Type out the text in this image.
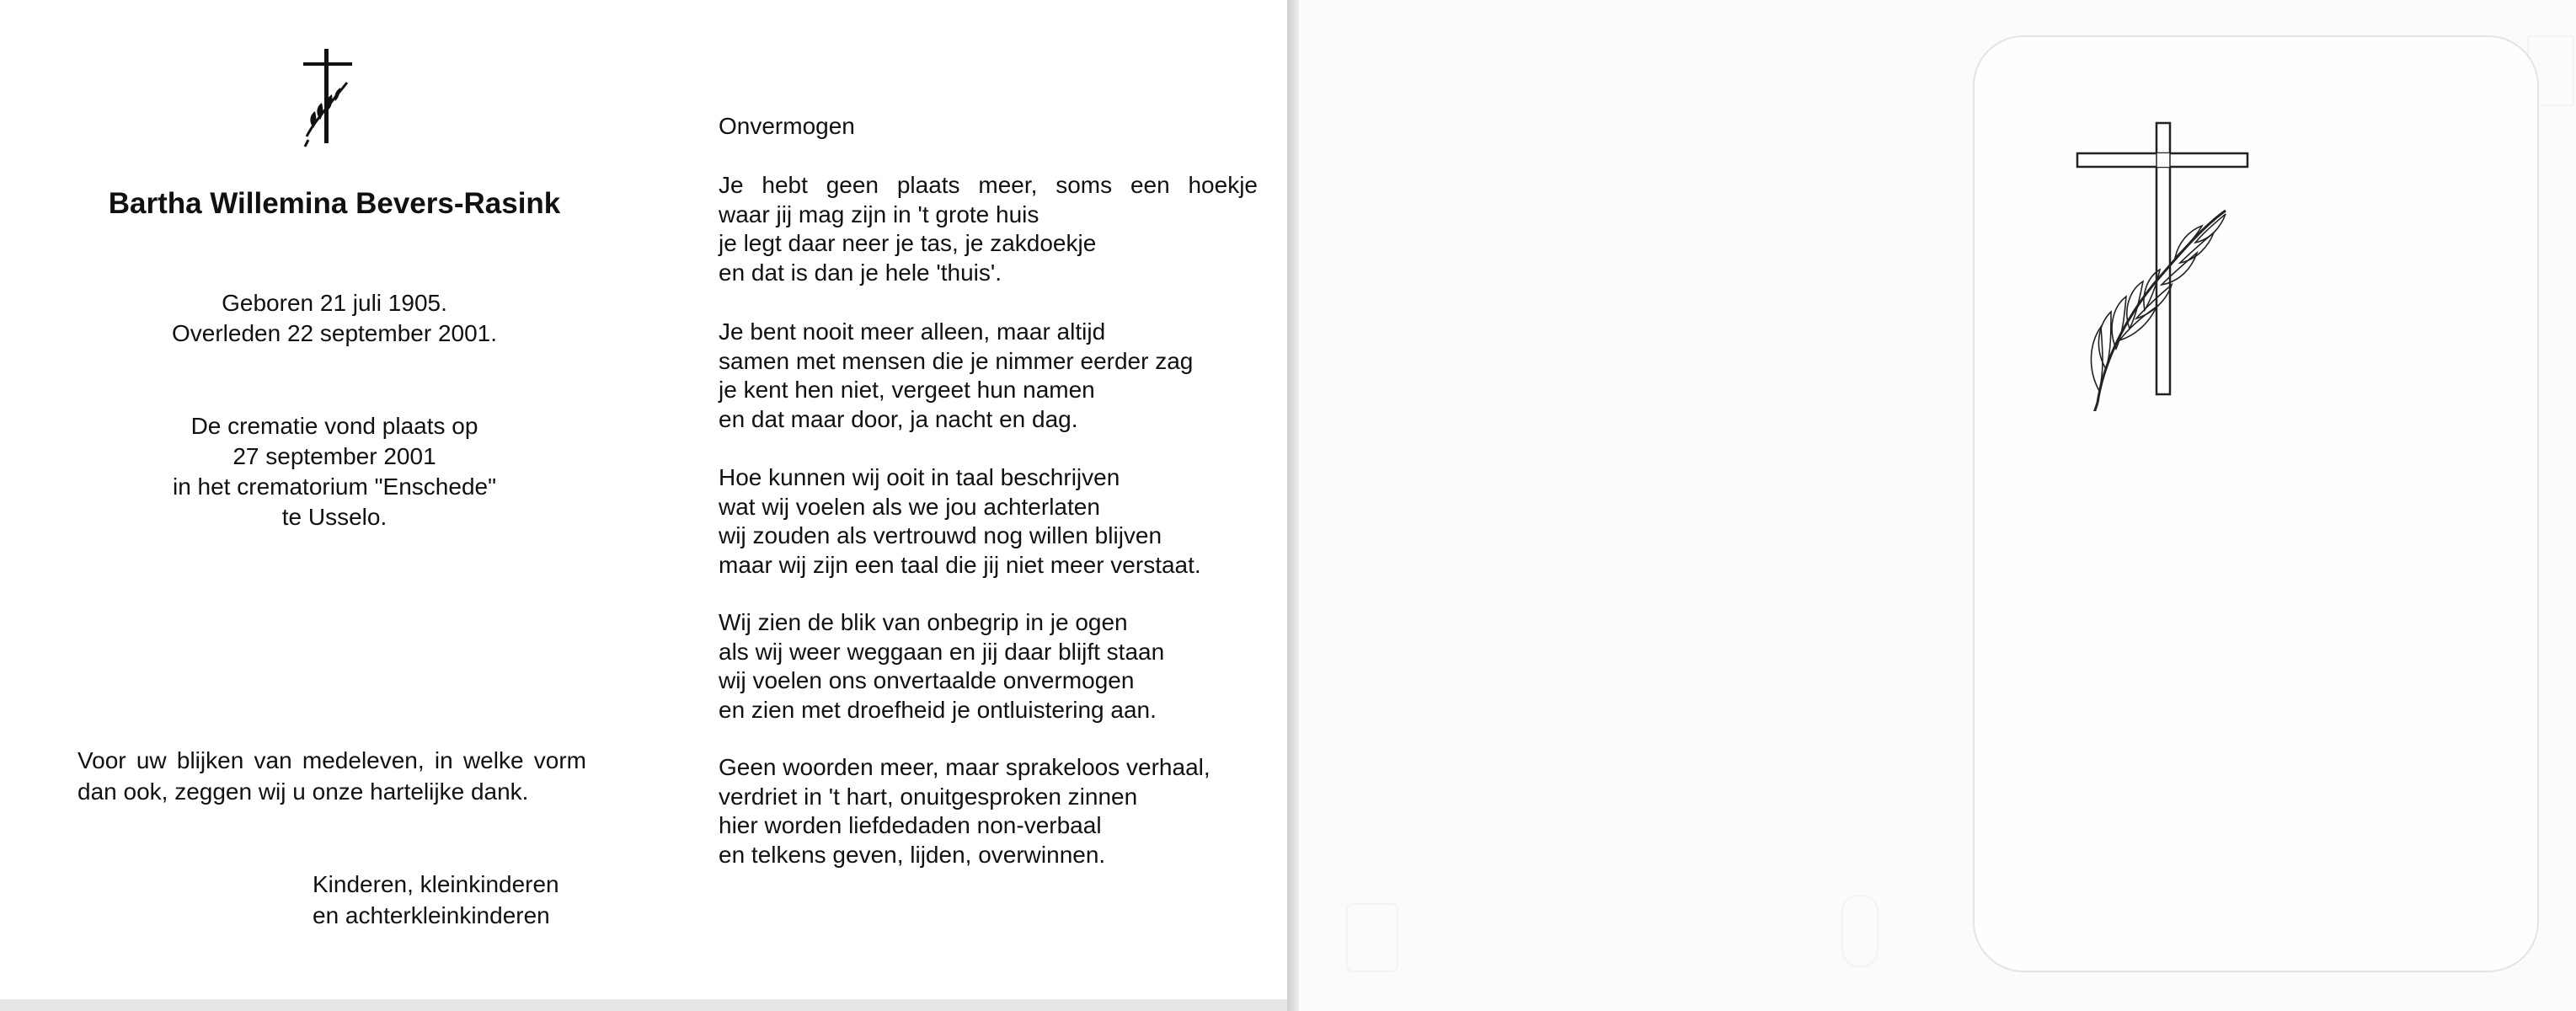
Bartha Willemina Bevers-Rasink
Geboren 21 juli 1905.
Overleden 22 september 2001.
De crematie vond plaats op
27 september 2001
in het crematorium "Enschede"
te Usselo.
Voor uw blijken van medeleven, in welke vorm dan ook, zeggen wij u onze hartelijke dank.
Kinderen, kleinkinderen
en achterkleinkinderen
Onvermogen
Je hebt geen plaats meer, soms een hoekje
waar jij mag zijn in 't grote huis
je legt daar neer je tas, je zakdoekje
en dat is dan je hele 'thuis'.
Je bent nooit meer alleen, maar altijd
samen met mensen die je nimmer eerder zag
je kent hen niet, vergeet hun namen
en dat maar door, ja nacht en dag.
Hoe kunnen wij ooit in taal beschrijven
wat wij voelen als we jou achterlaten
wij zouden als vertrouwd nog willen blijven
maar wij zijn een taal die jij niet meer verstaat.
Wij zien de blik van onbegrip in je ogen
als wij weer weggaan en jij daar blijft staan
wij voelen ons onvertaalde onvermogen
en zien met droefheid je ontluistering aan.
Geen woorden meer, maar sprakeloos verhaal,
verdriet in 't hart, onuitgesproken zinnen
hier worden liefdedaden non-verbaal
en telkens geven, lijden, overwinnen.
